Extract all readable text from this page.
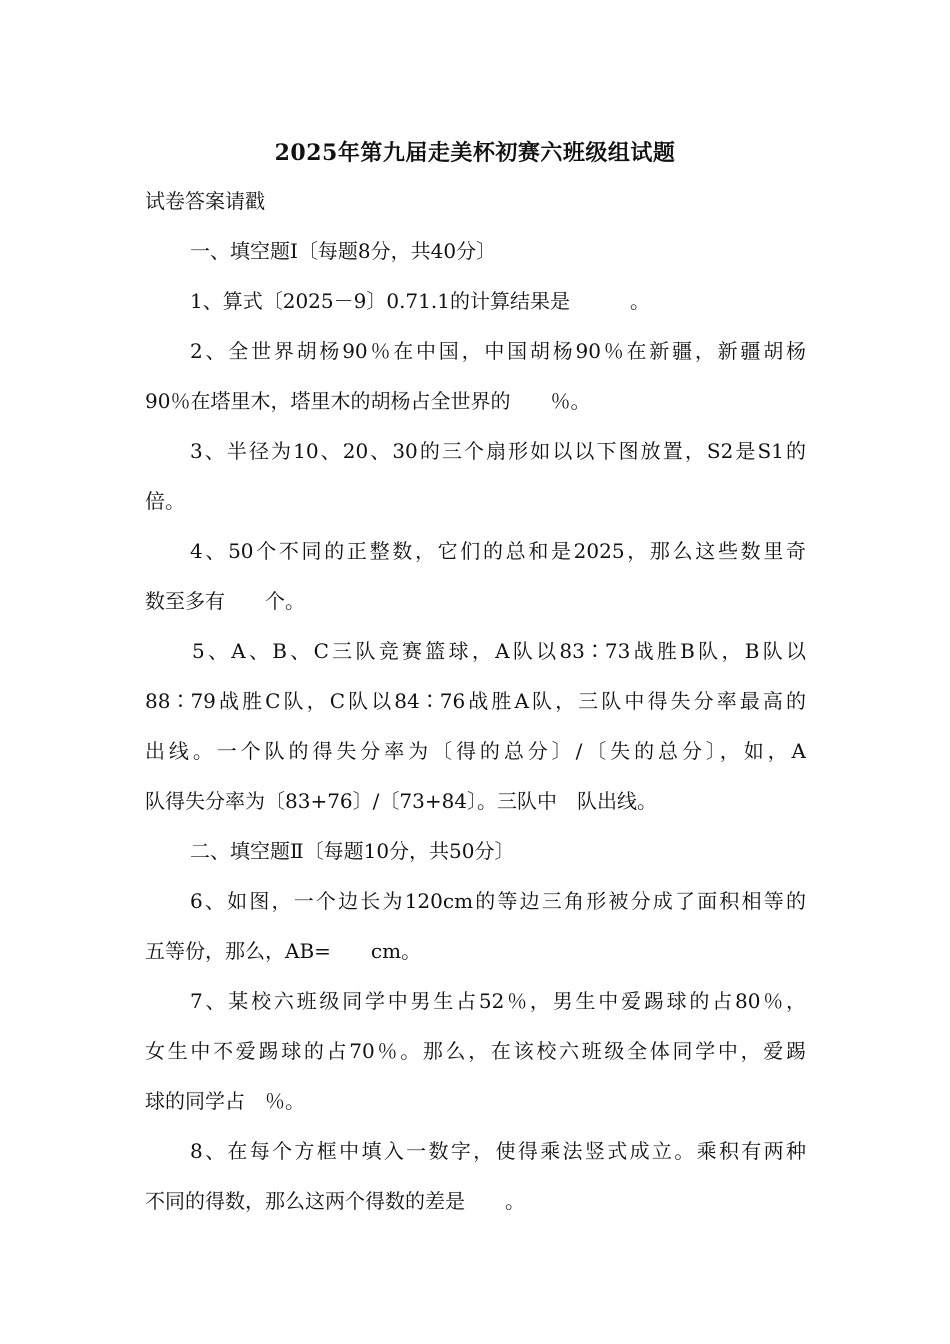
2025年第九届走美杯初赛六班级组试题
试卷答案请戳
一、填空题Ⅰ〔每题8分，共40分〕
1、算式〔2025－9〕0.71.1的计算结果是　　　。
2、全世界胡杨90％在中国，中国胡杨90％在新疆，新疆胡杨
90％在塔里木，塔里木的胡杨占全世界的　　％。
3、半径为10、20、30的三个扇形如以以下图放置，S2是S1的
倍。
4、50个不同的正整数，它们的总和是2025，那么这些数里奇
数至多有　　个。
5、A、B、C三队竞赛篮球，A队以83∶73战胜B队，B队以
88∶79战胜C队，C队以84∶76战胜A队，三队中得失分率最高的
出线。一个队的得失分率为〔得的总分〕/〔失的总分〕，如，A
队得失分率为〔83+76〕/〔73+84〕。三队中　队出线。
二、填空题Ⅱ〔每题10分，共50分〕
6、如图，一个边长为120cm的等边三角形被分成了面积相等的
五等份，那么，AB=　　cm。
7、某校六班级同学中男生占52％，男生中爱踢球的占80％，
女生中不爱踢球的占70％。那么，在该校六班级全体同学中，爱踢
球的同学占　％。
8、在每个方框中填入一数字，使得乘法竖式成立。乘积有两种
不同的得数，那么这两个得数的差是　　。
